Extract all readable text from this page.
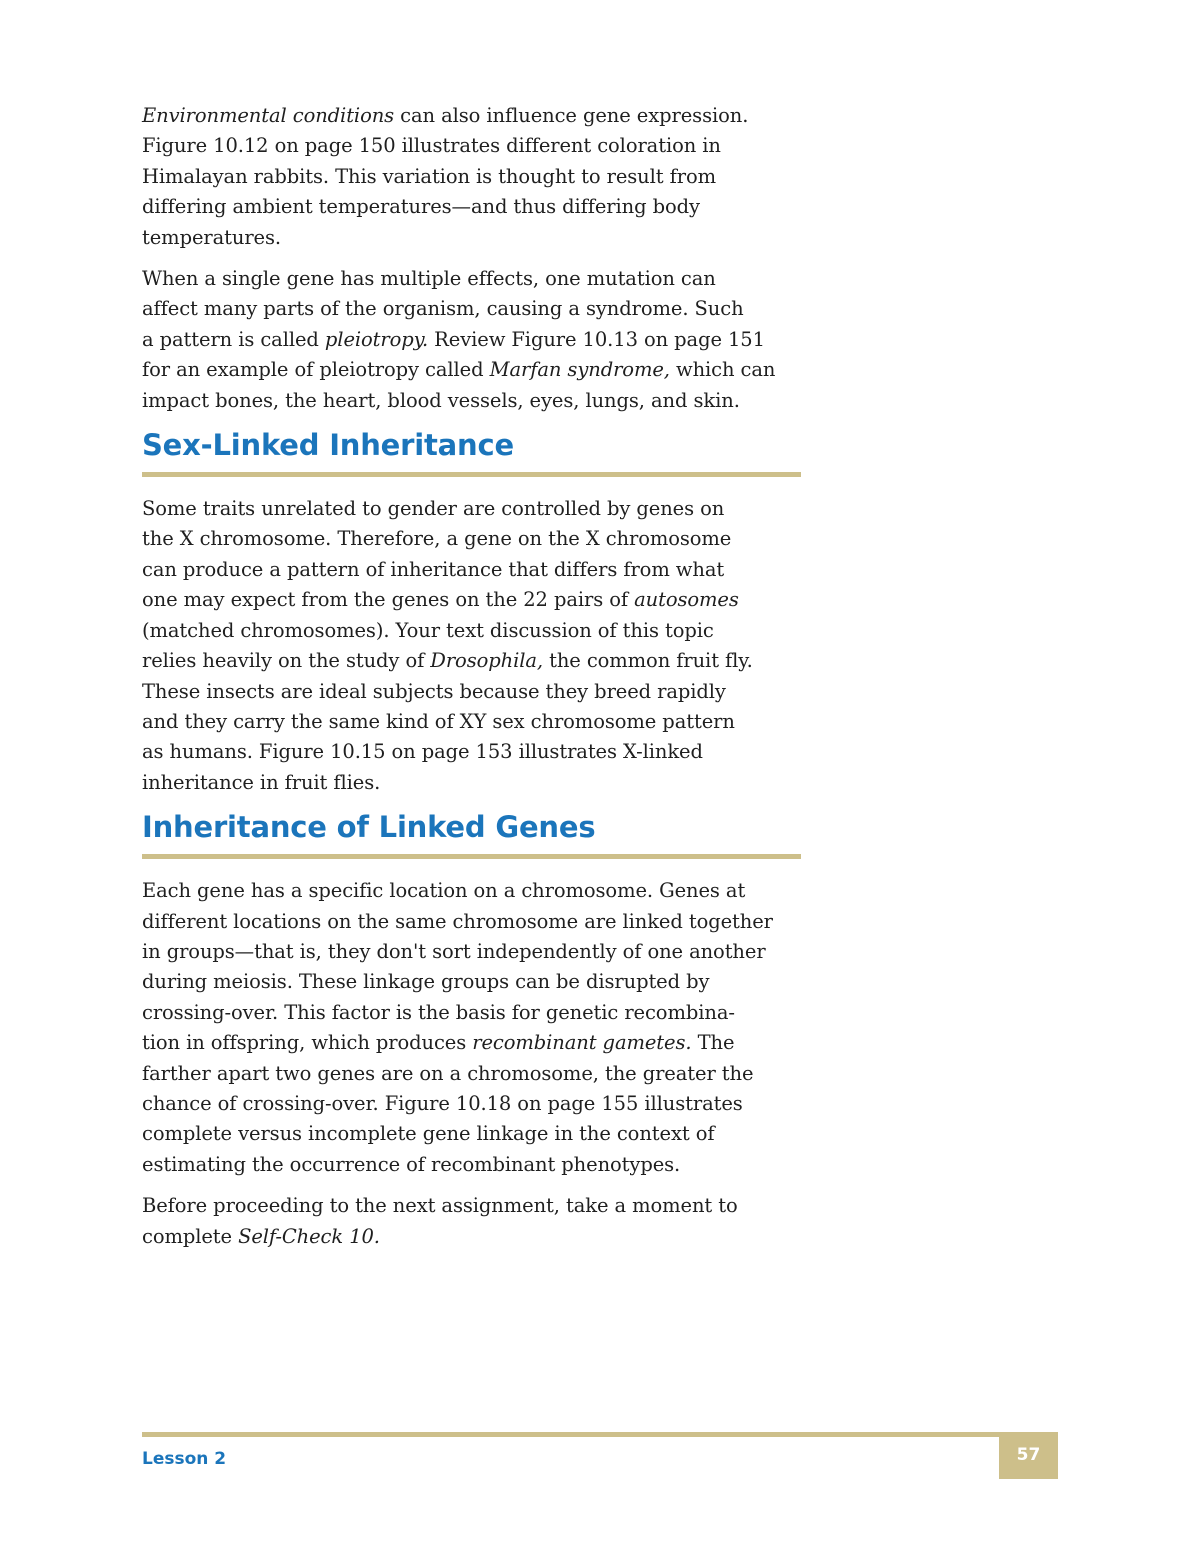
Environmental conditions can also influence gene expression.
Figure 10.12 on page 150 illustrates different coloration in
Himalayan rabbits. This variation is thought to result from
differing ambient temperatures—and thus differing body
temperatures.

When a single gene has multiple effects, one mutation can
affect many parts of the organism, causing a syndrome. Such
a pattern is called pleiotropy. Review Figure 10.13 on page 151
for an example of pleiotropy called Marfan syndrome, which can
impact bones, the heart, blood vessels, eyes, lungs, and skin.

Sex-Linked Inheritance

Some traits unrelated to gender are controlled by genes on
the X chromosome. Therefore, a gene on the X chromosome
can produce a pattern of inheritance that differs from what
one may expect from the genes on the 22 pairs of autosomes
(matched chromosomes). Your text discussion of this topic
relies heavily on the study of Drosophila, the common fruit fly.
These insects are ideal subjects because they breed rapidly
and they carry the same kind of XY sex chromosome pattern
as humans. Figure 10.15 on page 153 illustrates X-linked
inheritance in fruit flies.

Inheritance of Linked Genes

Each gene has a specific location on a chromosome. Genes at
different locations on the same chromosome are linked together
in groups—that is, they don't sort independently of one another
during meiosis. These linkage groups can be disrupted by
crossing-over. This factor is the basis for genetic recombina-
tion in offspring, which produces recombinant gametes. The
farther apart two genes are on a chromosome, the greater the
chance of crossing-over. Figure 10.18 on page 155 illustrates
complete versus incomplete gene linkage in the context of
estimating the occurrence of recombinant phenotypes.

Before proceeding to the next assignment, take a moment to
complete Self-Check 10.

Lesson 2	57
